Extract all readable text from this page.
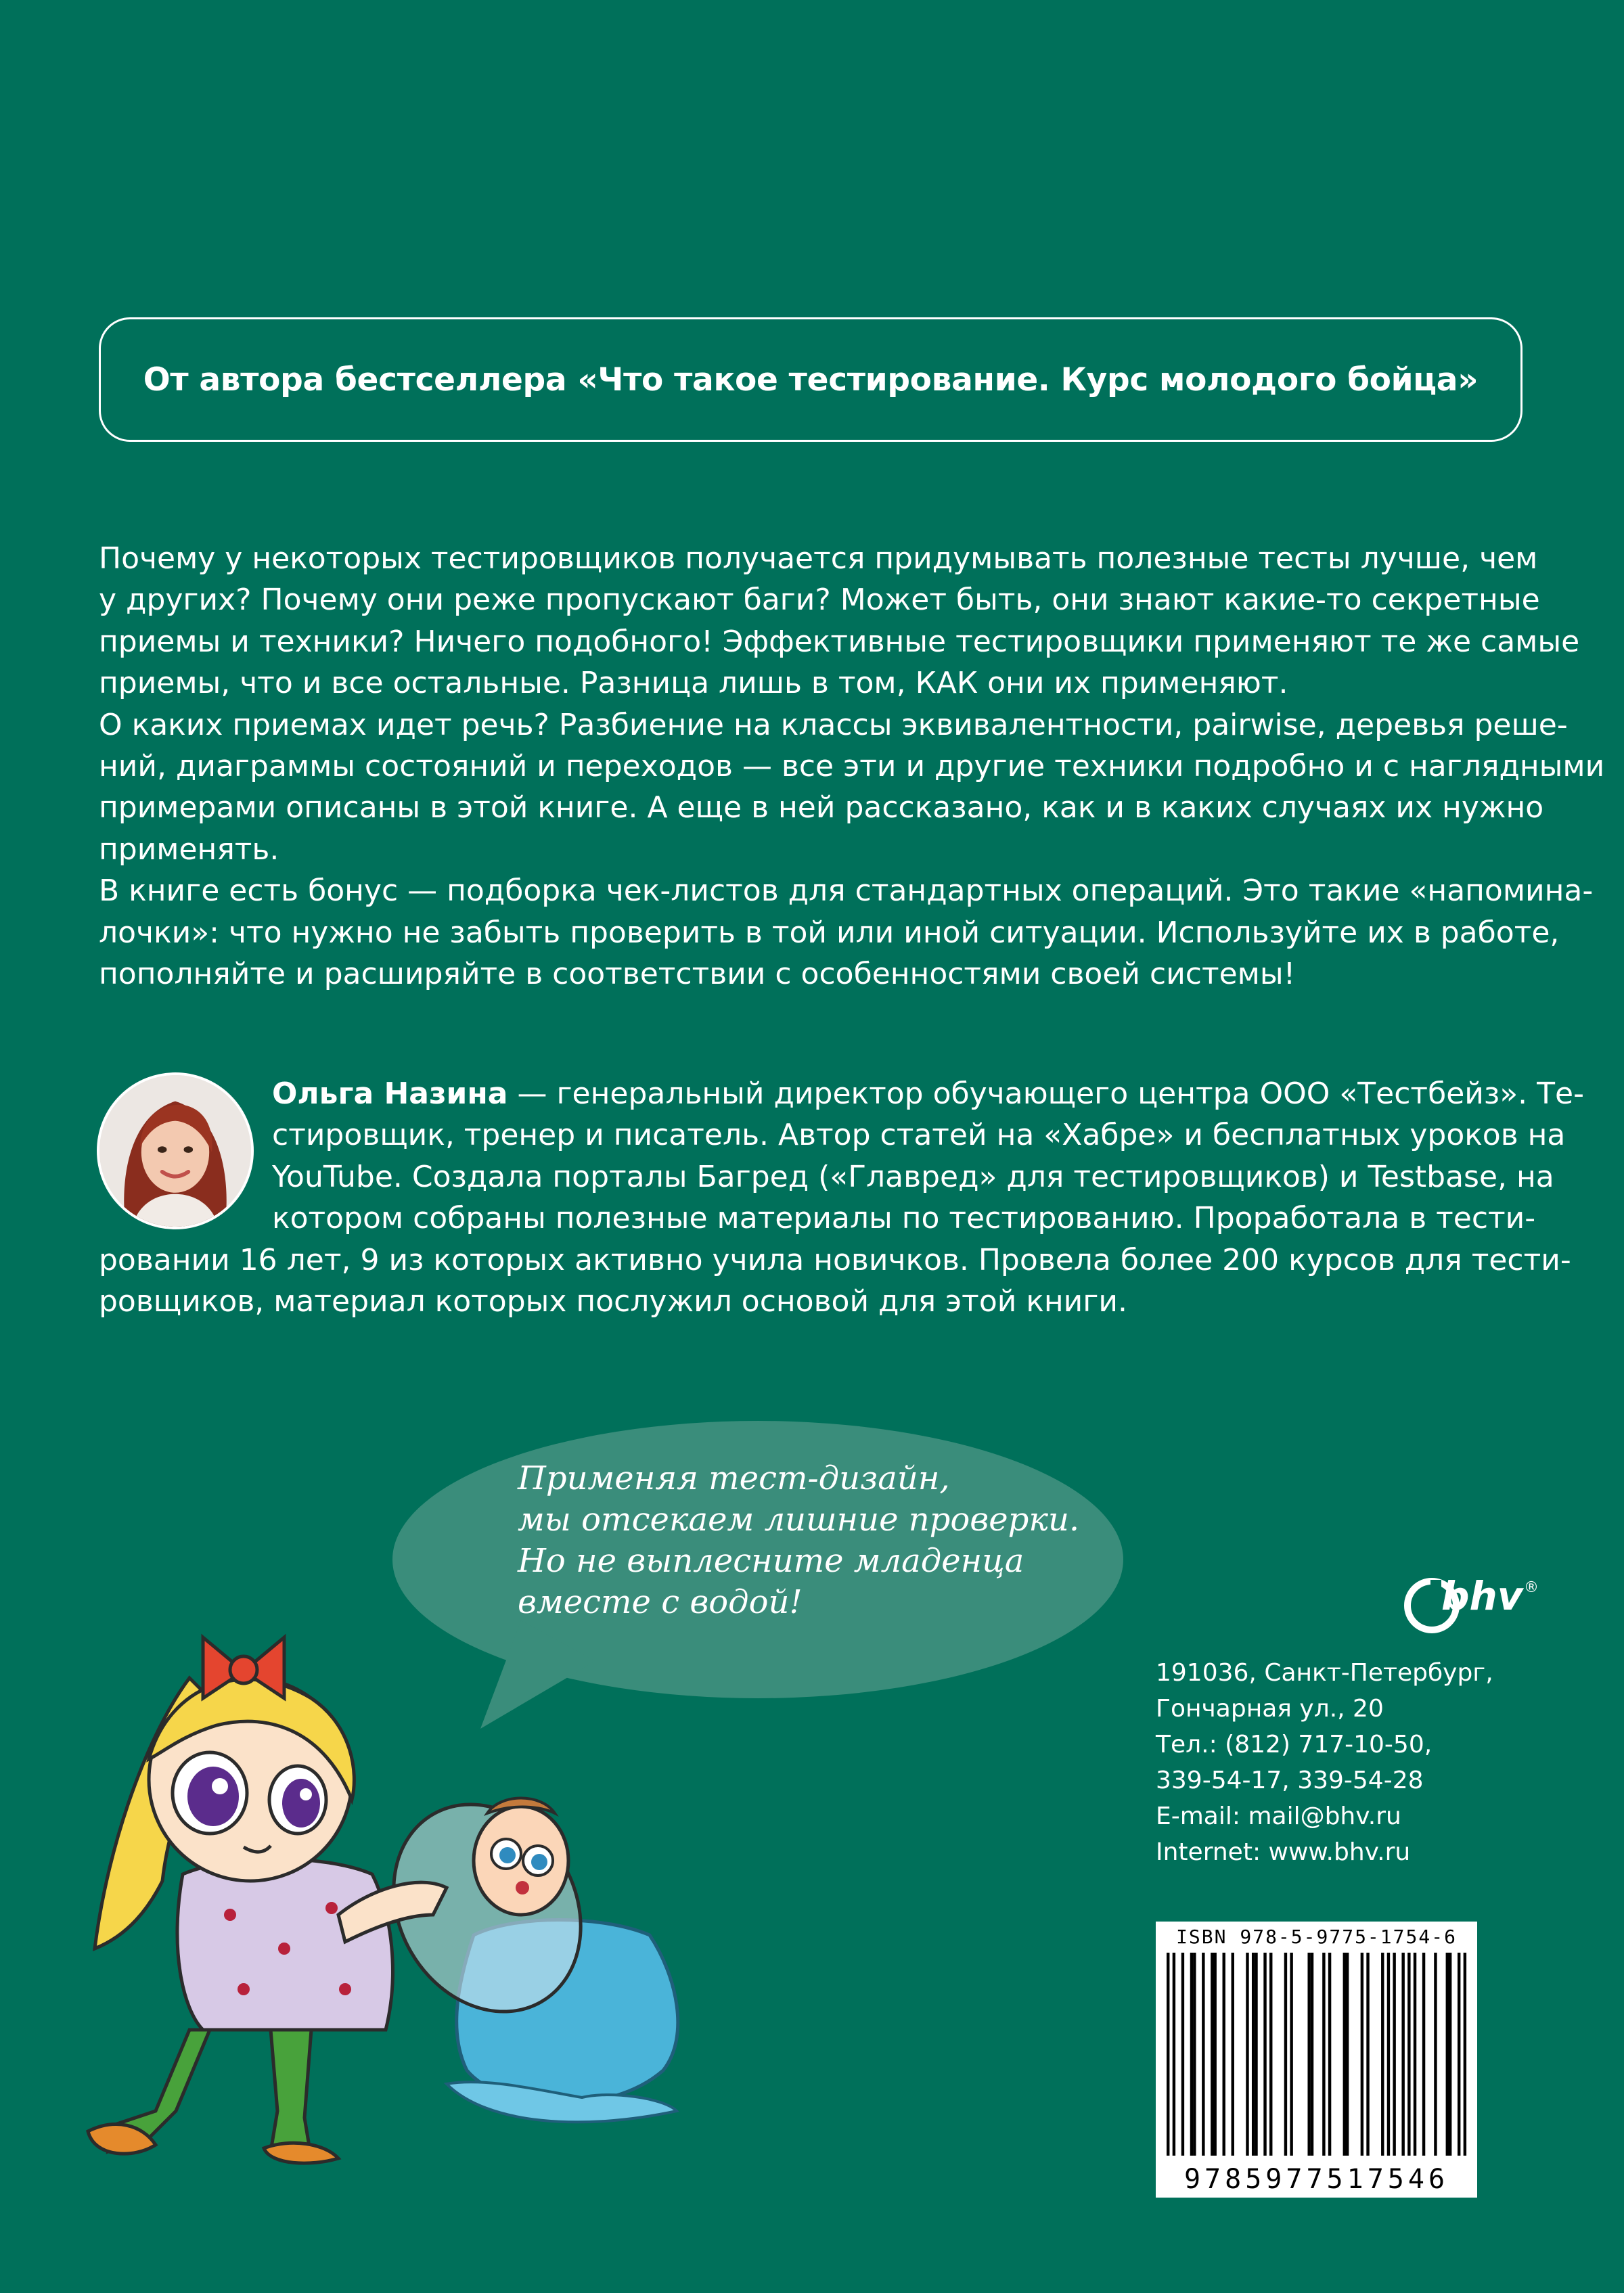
От автора бестселлера «Что такое тестирование. Курс молодого бойца»
Почему у некоторых тестировщиков получается придумывать полезные тесты лучше, чем
у других? Почему они реже пропускают баги? Может быть, они знают какие-то секретные
приемы и техники? Ничего подобного! Эффективные тестировщики применяют те же самые
приемы, что и все остальные. Разница лишь в том, КАК они их применяют.
О каких приемах идет речь? Разбиение на классы эквивалентности, pairwise, деревья реше-
ний, диаграммы состояний и переходов — все эти и другие техники подробно и с наглядными
примерами описаны в этой книге. А еще в ней рассказано, как и в каких случаях их нужно
применять.
В книге есть бонус — подборка чек-листов для стандартных операций. Это такие «напомина-
лочки»: что нужно не забыть проверить в той или иной ситуации. Используйте их в работе,
пополняйте и расширяйте в соответствии с особенностями своей системы!
Ольга Назина — генеральный директор обучающего центра ООО «Тестбейз». Те-
стировщик, тренер и писатель. Автор статей на «Хабре» и бесплатных уроков на
YouTube. Создала порталы Багред («Главред» для тестировщиков) и Testbase, на
котором собраны полезные материалы по тестированию. Проработала в тести-
ровании 16 лет, 9 из которых активно учила новичков. Провела более 200 курсов для тести-
ровщиков, материал которых послужил основой для этой книги.
Применяя тест-дизайн,
мы отсекаем лишние проверки.
Но не выплесните младенца
вместе с водой!	bhv ®
191036, Санкт-Петербург,
Гончарная ул., 20
Тел.: (812) 717-10-50,
339-54-17, 339-54-28
E-mail: mail@bhv.ru
Internet: www.bhv.ru
ISBN 978-5-9775-1754-6
9785977517546
